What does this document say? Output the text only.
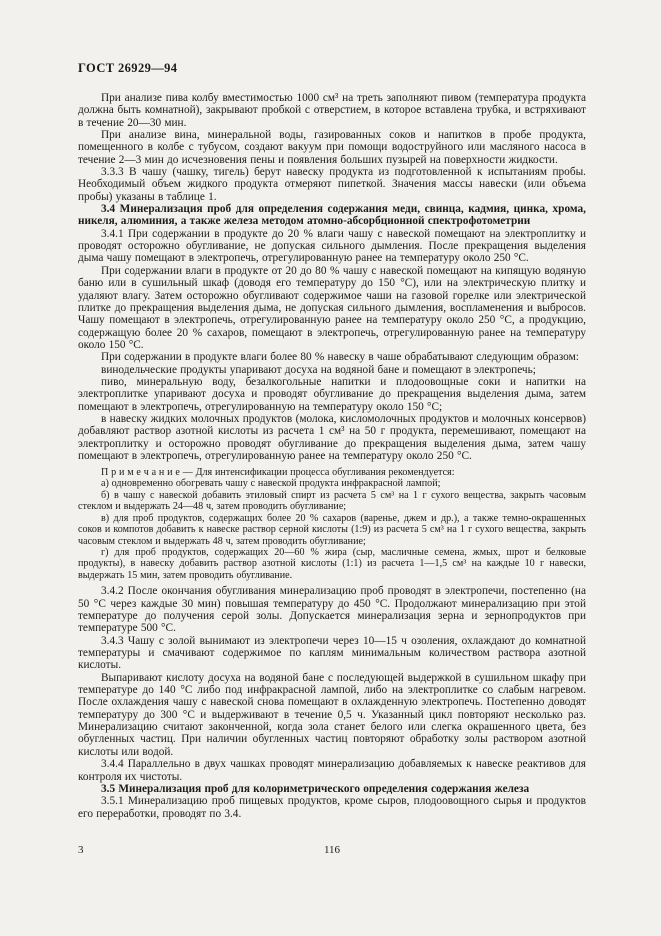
ГОСТ 26929—94

При анализе пива колбу вместимостью 1000 см³ на треть заполняют пивом (температура продукта должна быть комнатной), закрывают пробкой с отверстием, в которое вставлена трубка, и встряхивают в течение 20—30 мин.

При анализе вина, минеральной воды, газированных соков и напитков в пробе продукта, помещенного в колбе с тубусом, создают вакуум при помощи водоструйного или масляного насоса в течение 2—3 мин до исчезновения пены и появления больших пузырей на поверхности жидкости.

3.3.3 В чашу (чашку, тигель) берут навеску продукта из подготовленной к испытаниям пробы. Необходимый объем жидкого продукта отмеряют пипеткой. Значения массы навески (или объема пробы) указаны в таблице 1.

3.4 Минерализация проб для определения содержания меди, свинца, кадмия, цинка, хрома, никеля, алюминия, а также железа методом атомно-абсорбционной спектрофотометрии

3.4.1 При содержании в продукте до 20 % влаги чашу с навеской помещают на электроплитку и проводят осторожно обугливание, не допуская сильного дымления. После прекращения выделения дыма чашу помещают в электропечь, отрегулированную ранее на температуру около 250 °С.

При содержании влаги в продукте от 20 до 80 % чашу с навеской помещают на кипящую водяную баню или в сушильный шкаф (доводя его температуру до 150 °С), или на электрическую плитку и удаляют влагу. Затем осторожно обугливают содержимое чаши на газовой горелке или электрической плитке до прекращения выделения дыма, не допуская сильного дымления, воспламенения и выбросов. Чашу помещают в электропечь, отрегулированную ранее на температуру около 250 °С, а продукцию, содержащую более 20 % сахаров, помещают в электропечь, отрегулированную ранее на температуру около 150 °С.

При содержании в продукте влаги более 80 % навеску в чаше обрабатывают следующим образом:

винодельческие продукты упаривают досуха на водяной бане и помещают в электропечь;

пиво, минеральную воду, безалкогольные напитки и плодоовощные соки и напитки на электроплитке упаривают досуха и проводят обугливание до прекращения выделения дыма, затем помещают в электропечь, отрегулированную на температуру около 150 °С;

в навеску жидких молочных продуктов (молока, кисломолочных продуктов и молочных консервов) добавляют раствор азотной кислоты из расчета 1 см³ на 50 г продукта, перемешивают, помещают на электроплитку и осторожно проводят обугливание до прекращения выделения дыма, затем чашу помещают в электропечь, отрегулированную ранее на температуру около 250 °С.

П р и м е ч а н и е — Для интенсификации процесса обугливания рекомендуется:

а) одновременно обогревать чашу с навеской продукта инфракрасной лампой;

б) в чашу с навеской добавить этиловый спирт из расчета 5 см³ на 1 г сухого вещества, закрыть часовым стеклом и выдержать 24—48 ч, затем проводить обугливание;

в) для проб продуктов, содержащих более 20 % сахаров (варенье, джем и др.), а также темно-окрашенных соков и компотов добавить к навеске раствор серной кислоты (1:9) из расчета 5 см³ на 1 г сухого вещества, закрыть часовым стеклом и выдержать 48 ч, затем проводить обугливание;

г) для проб продуктов, содержащих 20—60 % жира (сыр, масличные семена, жмых, шрот и белковые продукты), в навеску добавить раствор азотной кислоты (1:1) из расчета 1—1,5 см³ на каждые 10 г навески, выдержать 15 мин, затем проводить обугливание.

3.4.2 После окончания обугливания минерализацию проб проводят в электропечи, постепенно (на 50 °С через каждые 30 мин) повышая температуру до 450 °С. Продолжают минерализацию при этой температуре до получения серой золы. Допускается минерализация зерна и зернопродуктов при температуре 500 °С.

3.4.3 Чашу с золой вынимают из электропечи через 10—15 ч озоления, охлаждают до комнатной температуры и смачивают содержимое по каплям минимальным количеством раствора азотной кислоты.

Выпаривают кислоту досуха на водяной бане с последующей выдержкой в сушильном шкафу при температуре до 140 °С либо под инфракрасной лампой, либо на электроплитке со слабым нагревом. После охлаждения чашу с навеской снова помещают в охлажденную электропечь. Постепенно доводят температуру до 300 °С и выдерживают в течение 0,5 ч. Указанный цикл повторяют несколько раз. Минерализацию считают законченной, когда зола станет белого или слегка окрашенного цвета, без обугленных частиц. При наличии обугленных частиц повторяют обработку золы раствором азотной кислоты или водой.

3.4.4 Параллельно в двух чашках проводят минерализацию добавляемых к навеске реактивов для контроля их чистоты.

3.5 Минерализация проб для колориметрического определения содержания железа

3.5.1 Минерализацию проб пищевых продуктов, кроме сыров, плодоовощного сырья и продуктов его переработки, проводят по 3.4.

3	116
